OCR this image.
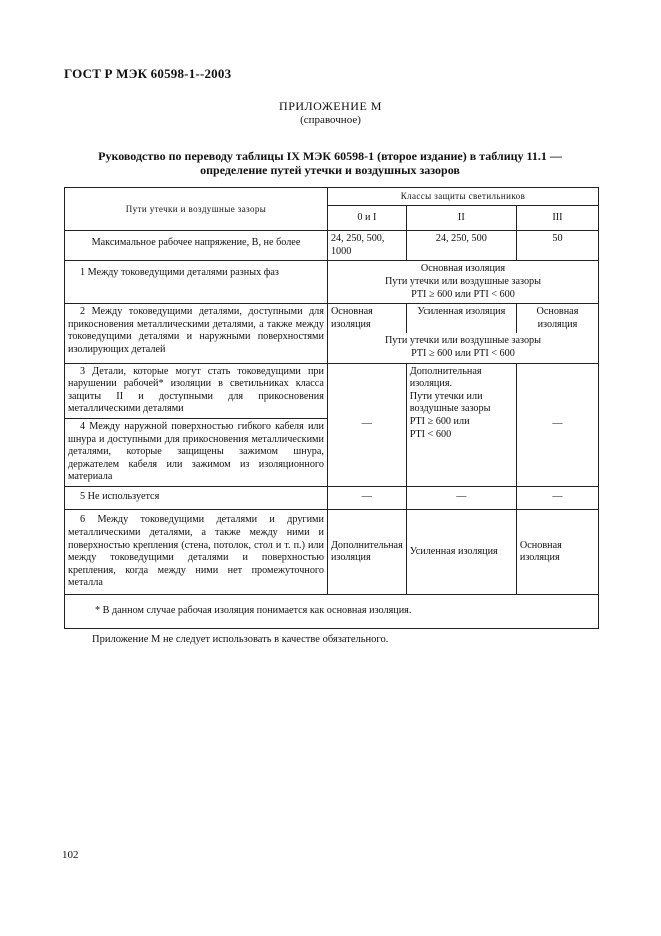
ГОСТ Р МЭК 60598-1--2003
ПРИЛОЖЕНИЕ М
(справочное)
Руководство по переводу таблицы IX МЭК 60598-1 (второе издание) в таблицу 11.1 —
определение путей утечки и воздушных зазоров
Пути утечки и воздушные зазоры	Классы защиты светильников		
	0 и I	II	III
Максимальное рабочее напряжение, В, не более	24, 250, 500, 1000	24, 250, 500	50
1 Между токоведущими деталями разных фаз	Основная изоляция
Пути утечки или воздушные зазоры
PTI ≥ 600 или PTI < 600		

2 Между токоведущими деталями, доступными для прикосновения металлическими деталями, а также между токоведущими деталями и наружными поверхностями изолирующих деталей	Основная изоляция	Усиленная изоляция	Основная изоляция

	Пути утечки или воздушные зазоры
PTI ≥ 600 или PTI < 600		

3 Детали, которые могут стать токоведущими при нарушении рабочей* изоляции в светильниках класса защиты II и доступными для прикосновения металлическими деталями	—	Дополнительная изоляция.
Пути утечки или воздушные зазоры
PTI ≥ 600 или
PTI < 600	—
4 Между наружной поверхностью гибкого кабеля или шнура и доступными для прикосновения металлическими деталями, которые защищены зажимом шнура, держателем кабеля или зажимом из изоляционного материала			
5 Не используется	—	—	—
6 Между токоведущими деталями и другими металлическими деталями, а также между ними и поверхностью крепления (стена, потолок, стол и т. п.) или между токоведущими деталями и поверхностью крепления, когда между ними нет промежуточного металла	Дополнительная изоляция	Усиленная изоляция	Основная изоляция
* В данном случае рабочая изоляция понимается как основная изоляция.			
Приложение М не следует использовать в качестве обязательного.
102
